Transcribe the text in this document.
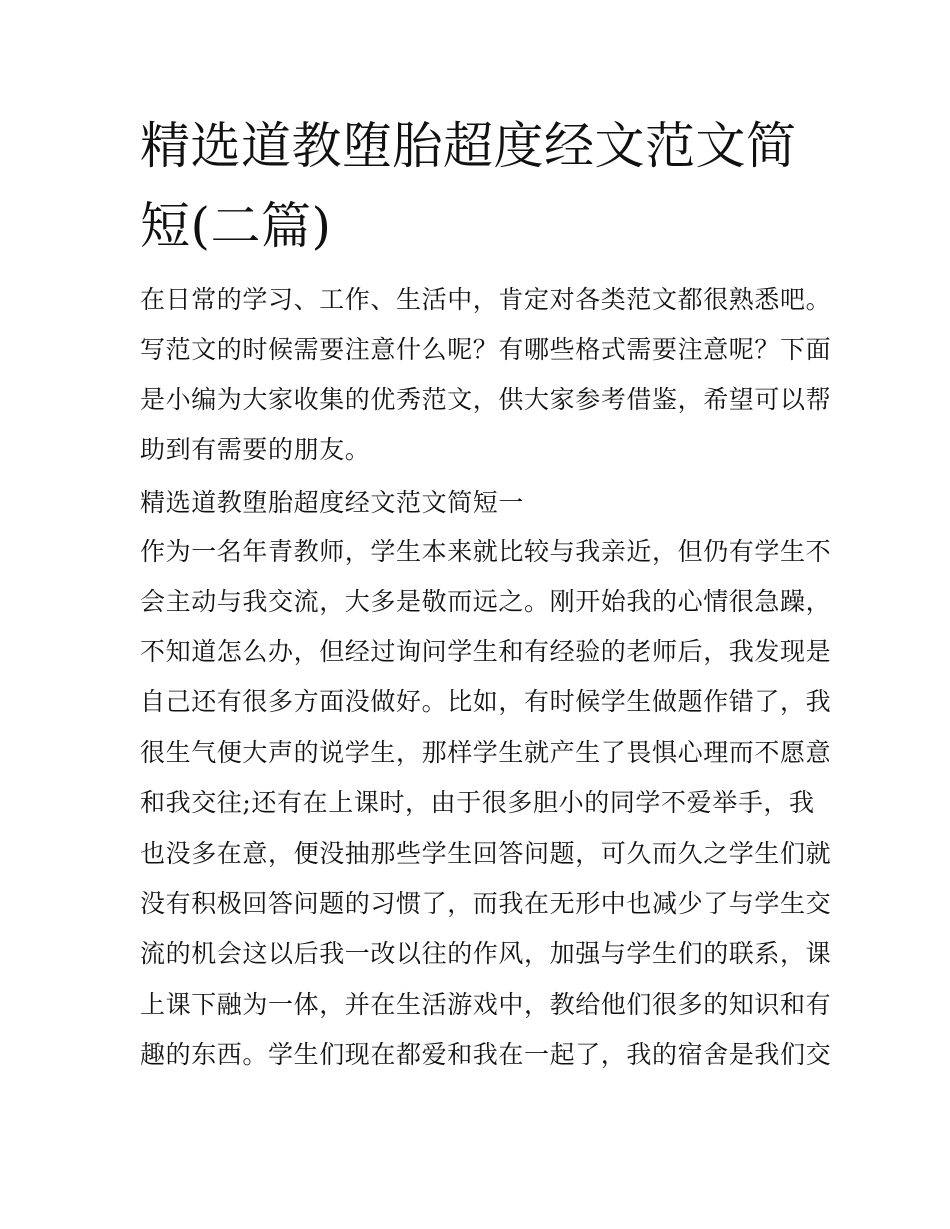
精选道教堕胎超度经文范文简
短(二篇)

在日常的学习、工作、生活中，肯定对各类范文都很熟悉吧。

写范文的时候需要注意什么呢？有哪些格式需要注意呢？下面

是小编为大家收集的优秀范文，供大家参考借鉴，希望可以帮

助到有需要的朋友。

精选道教堕胎超度经文范文简短一

作为一名年青教师，学生本来就比较与我亲近，但仍有学生不

会主动与我交流，大多是敬而远之。刚开始我的心情很急躁，

不知道怎么办，但经过询问学生和有经验的老师后，我发现是

自己还有很多方面没做好。比如，有时候学生做题作错了，我

很生气便大声的说学生，那样学生就产生了畏惧心理而不愿意

和我交往;还有在上课时，由于很多胆小的同学不爱举手，我

也没多在意，便没抽那些学生回答问题，可久而久之学生们就

没有积极回答问题的习惯了，而我在无形中也减少了与学生交

流的机会这以后我一改以往的作风，加强与学生们的联系，课

上课下融为一体，并在生活游戏中，教给他们很多的知识和有

趣的东西。学生们现在都爱和我在一起了，我的宿舍是我们交
